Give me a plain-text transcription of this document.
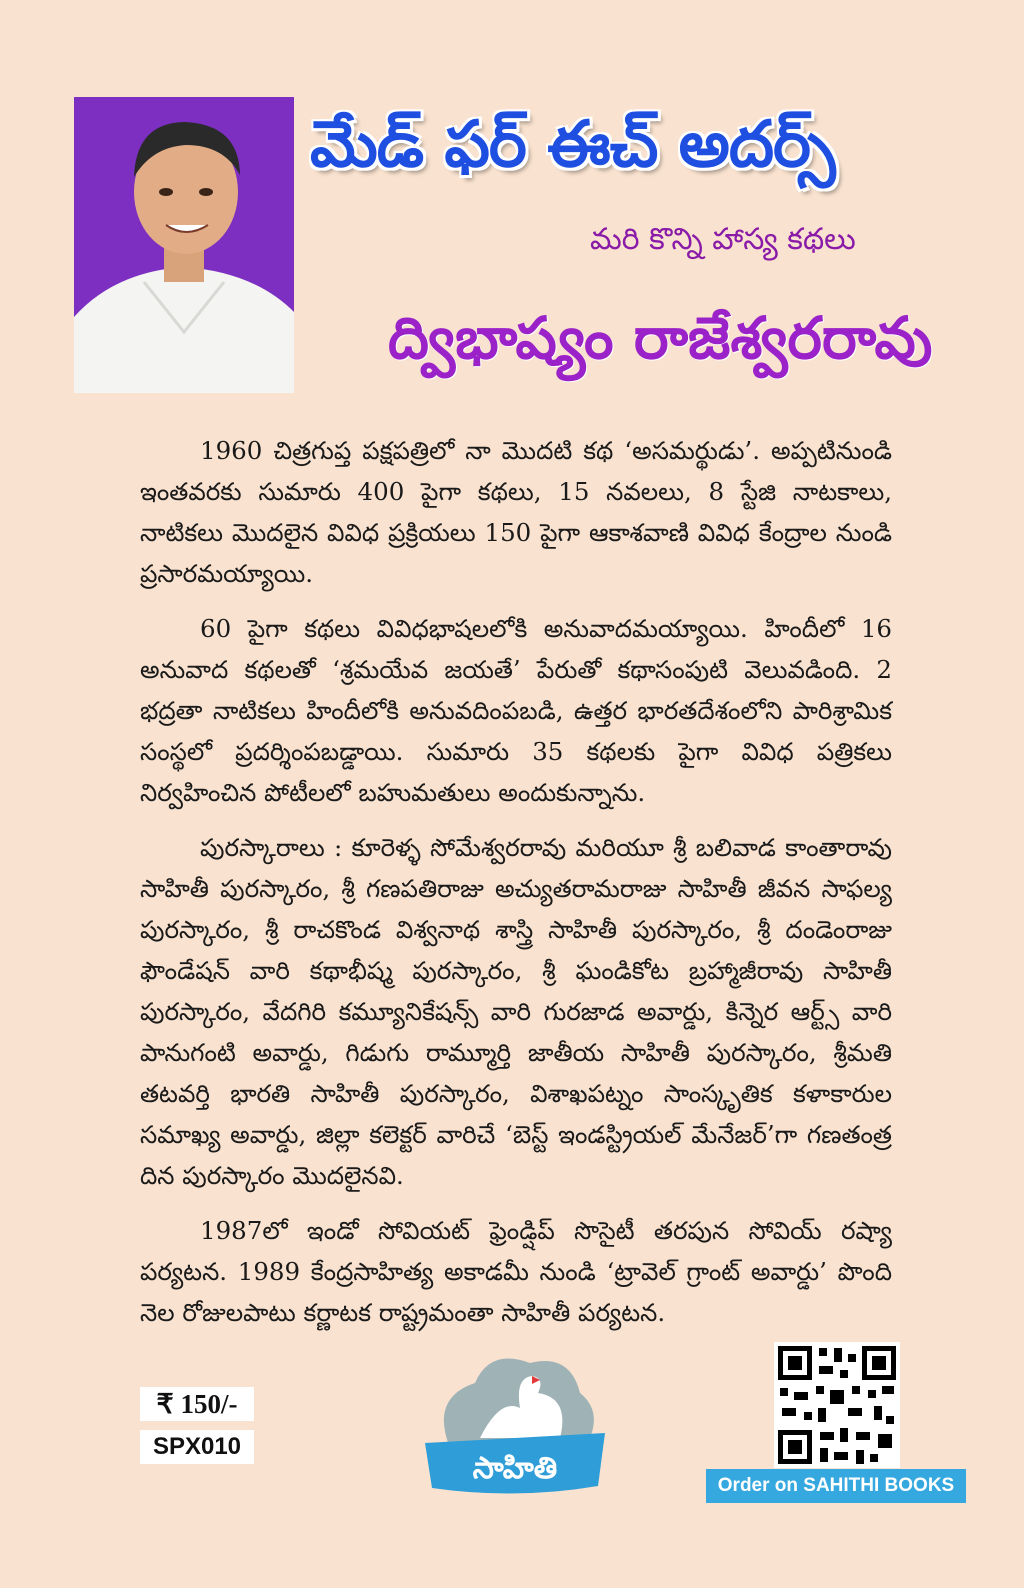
మేడ్ ఫర్ ఈచ్ అదర్స్
మరి కొన్ని హాస్య కథలు
ద్విభాష్యం రాజేశ్వరరావు

1960 చిత్రగుప్త పక్షపత్రిలో నా మొదటి కథ ‘అసమర్థుడు’. అప్పటినుండి ఇంతవరకు సుమారు 400 పైగా కథలు, 15 నవలలు, 8 స్టేజి నాటకాలు, నాటికలు మొదలైన వివిధ ప్రక్రియలు 150 పైగా ఆకాశవాణి వివిధ కేంద్రాల నుండి ప్రసారమయ్యాయి.

60 పైగా కథలు వివిధభాషలలోకి అనువాదమయ్యాయి. హిందీలో 16 అనువాద కథలతో ‘శ్రమయేవ జయతే’ పేరుతో కథాసంపుటి వెలువడింది. 2 భద్రతా నాటికలు హిందీలోకి అనువదింపబడి, ఉత్తర భారతదేశంలోని పారిశ్రామిక సంస్థలో ప్రదర్శింపబడ్డాయి. సుమారు 35 కథలకు పైగా వివిధ పత్రికలు నిర్వహించిన పోటీలలో బహుమతులు అందుకున్నాను.

పురస్కారాలు : కూరెళ్ళ సోమేశ్వరరావు మరియూ శ్రీ బలివాడ కాంతారావు సాహితీ పురస్కారం, శ్రీ గణపతిరాజు అచ్యుతరామరాజు సాహితీ జీవన సాఫల్య పురస్కారం, శ్రీ రాచకొండ విశ్వనాథ శాస్త్రి సాహితీ పురస్కారం, శ్రీ దండెంరాజు ఫౌండేషన్ వారి కథాభీష్మ పురస్కారం, శ్రీ ఘండికోట బ్రహ్మాజీరావు సాహితీ పురస్కారం, వేదగిరి కమ్యూనికేషన్స్ వారి గురజాడ అవార్డు, కిన్నెర ఆర్ట్స్ వారి పానుగంటి అవార్డు, గిడుగు రామ్మూర్తి జాతీయ సాహితీ పురస్కారం, శ్రీమతి తటవర్తి భారతి సాహితీ పురస్కారం, విశాఖపట్నం సాంస్కృతిక కళాకారుల సమాఖ్య అవార్డు, జిల్లా కలెక్టర్ వారిచే ‘బెస్ట్ ఇండస్ట్రియల్ మేనేజర్’గా గణతంత్ర దిన పురస్కారం మొదలైనవి.

1987లో ఇండో సోవియట్ ఫ్రెండ్షిప్ సొసైటీ తరపున సోవియ్ రష్యా పర్యటన. 1989 కేంద్రసాహిత్య అకాడమీ నుండి ‘ట్రావెల్ గ్రాంట్ అవార్డు’ పొంది నెల రోజులపాటు కర్ణాటక రాష్ట్రమంతా సాహితీ పర్యటన.

₹ 150/-
SPX010
సాహితి	Order on SAHITHI BOOKS
